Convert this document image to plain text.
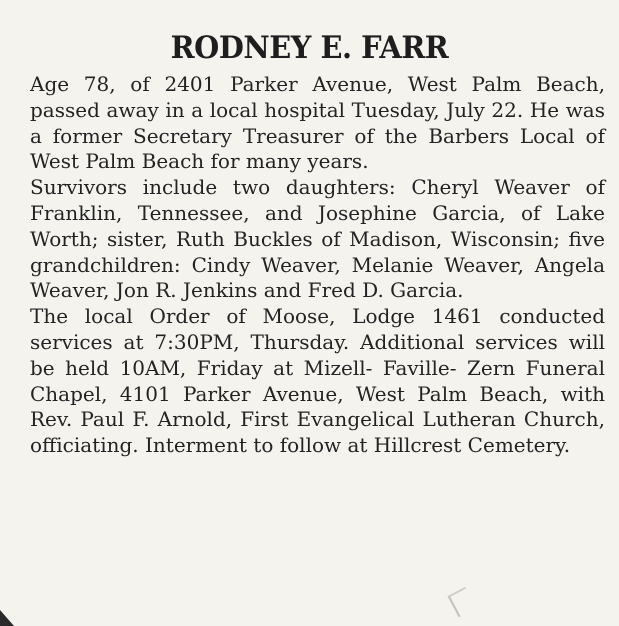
RODNEY E. FARR

Age 78, of 2401 Parker Avenue, West Palm Beach, passed away in a local hospital Tuesday, July 22. He was a former Secretary Treasurer of the Barbers Local of West Palm Beach for many years.

Survivors include two daughters: Cheryl Weaver of Franklin, Tennessee, and Josephine Garcia, of Lake Worth; sister, Ruth Buckles of Madison, Wisconsin; five grandchildren: Cindy Weaver, Melanie Weaver, Angela Weaver, Jon R. Jenkins and Fred D. Garcia.

The local Order of Moose, Lodge 1461 conducted services at 7:30PM, Thursday. Additional services will be held 10AM, Friday at Mizell- Faville- Zern Funeral Chapel, 4101 Parker Avenue, West Palm Beach, with Rev. Paul F. Arnold, First Evangelical Lutheran Church, officiating. Interment to follow at Hillcrest Cemetery.
